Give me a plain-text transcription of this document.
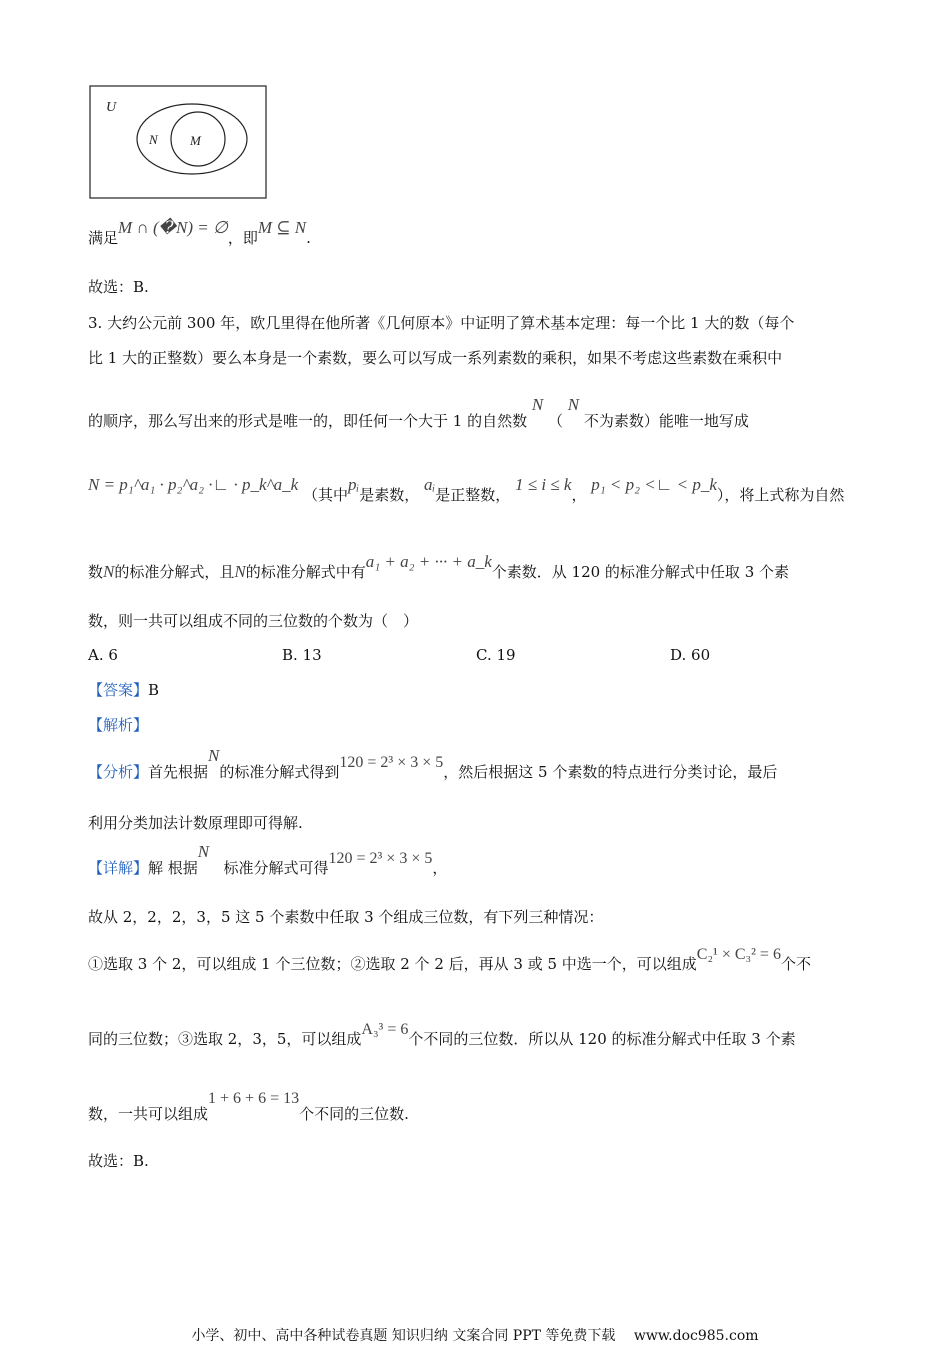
U
N M
满足M ∩ (�N) = ∅，即M ⊆ N.
故选：B.
3. 大约公元前 300 年，欧几里得在他所著《几何原本》中证明了算术基本定理：每一个比 1 大的数（每个
比 1 大的正整数）要么本身是一个素数，要么可以写成一系列素数的乘积，如果不考虑这些素数在乘积中
的顺序，那么写出来的形式是唯一的，即任何一个大于 1 的自然数 N （ N 不为素数）能唯一地写成
N = p₁^a₁ · p₂^a₂ ·∟ · p_k^a_k （其中pᵢ是素数， aᵢ是正整数， 1 ≤ i ≤ k， p₁ < p₂ <∟ < p_k），将上式称为自然
数N的标准分解式，且N的标准分解式中有a₁ + a₂ + ··· + a_k个素数．从 120 的标准分解式中任取 3 个素
数，则一共可以组成不同的三位数的个数为（　）
A. 6	B. 13	C. 19	D. 60
【答案】B
【解析】
【分析】首先根据N的标准分解式得到120 = 2³ × 3 × 5，然后根据这 5 个素数的特点进行分类讨论，最后
利用分类加法计数原理即可得解.
【详解】解 根据N   标准分解式可得120 = 2³ × 3 × 5，
故从 2，2，2，3，5 这 5 个素数中任取 3 个组成三位数，有下列三种情况：
①选取 3 个 2，可以组成 1 个三位数；②选取 2 个 2 后，再从 3 或 5 中选一个，可以组成C₂¹ × C₃² = 6个不
同的三位数；③选取 2，3，5，可以组成A₃³ = 6个不同的三位数．所以从 120 的标准分解式中任取 3 个素
数，一共可以组成1 + 6 + 6 = 13个不同的三位数.
故选：B.
小学、初中、高中各种试卷真题 知识归纳 文案合同 PPT 等免费下载　 www.doc985.com
